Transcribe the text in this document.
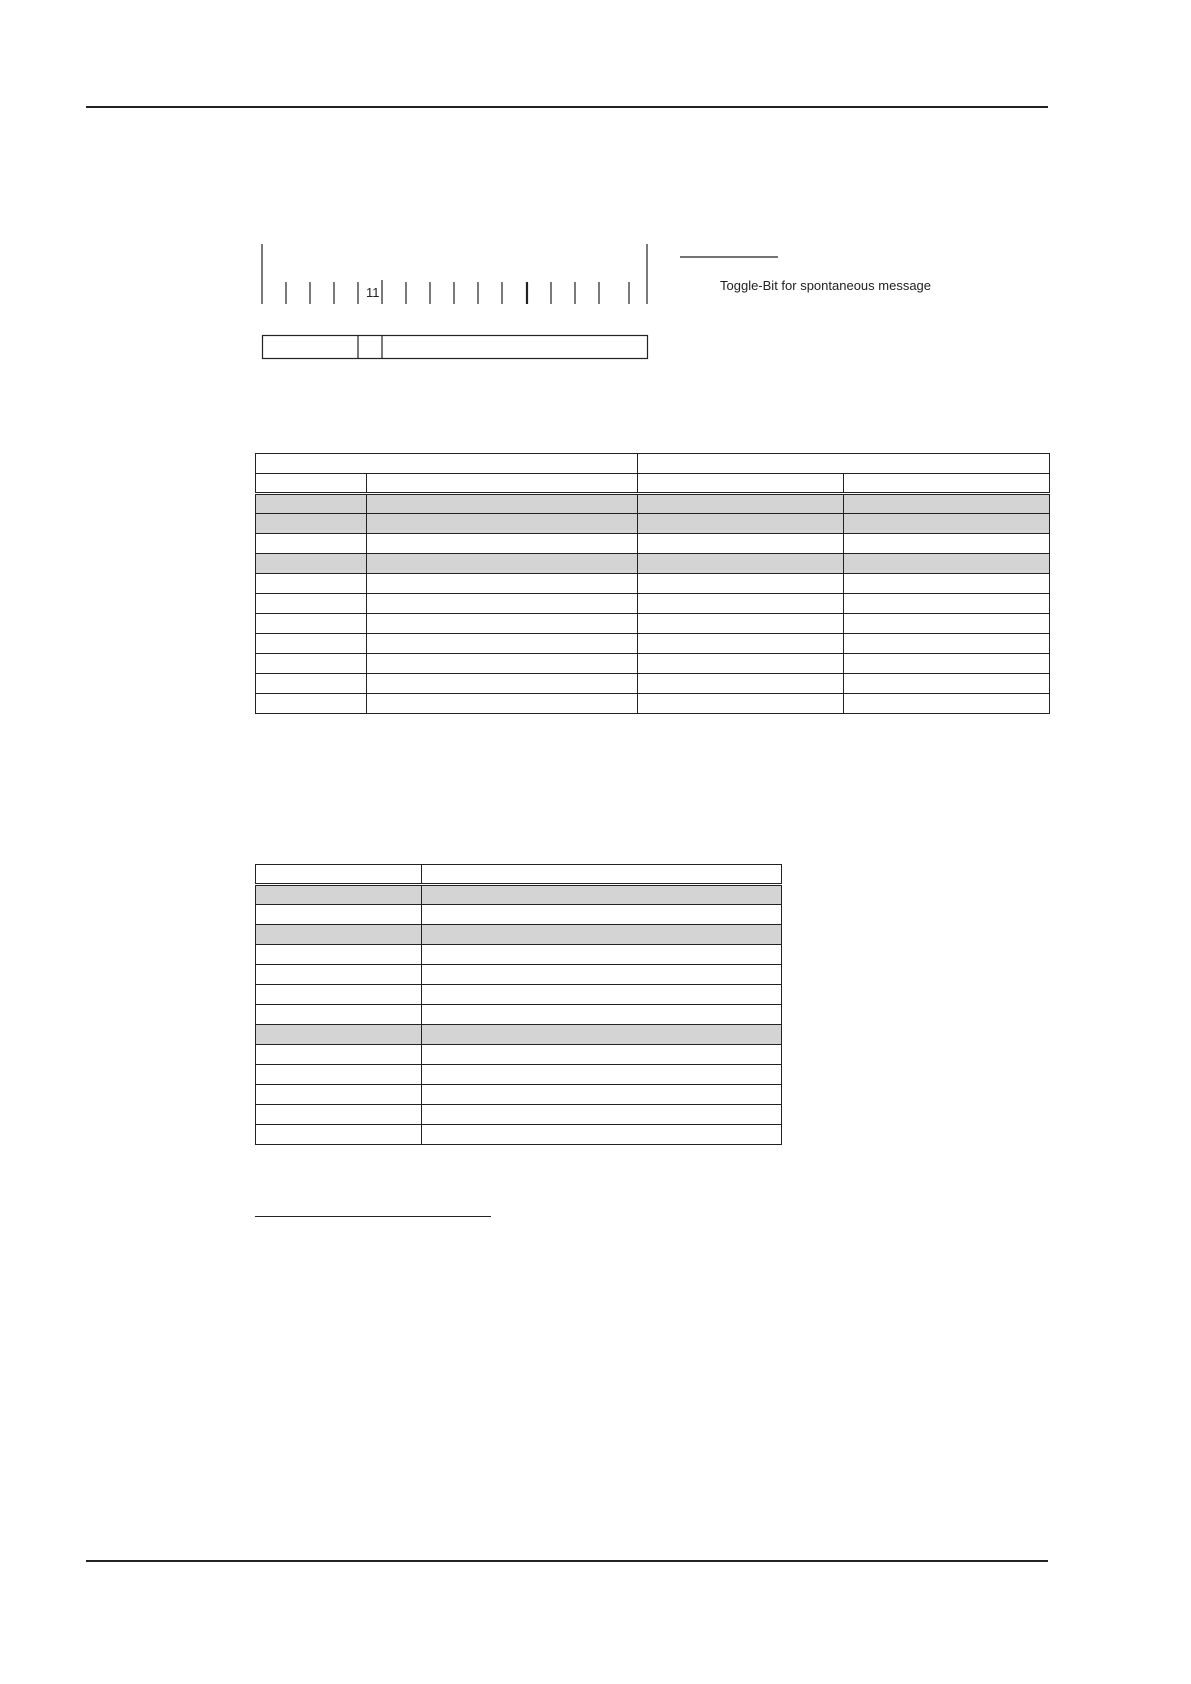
11	Toggle-Bit for spontaneous message
